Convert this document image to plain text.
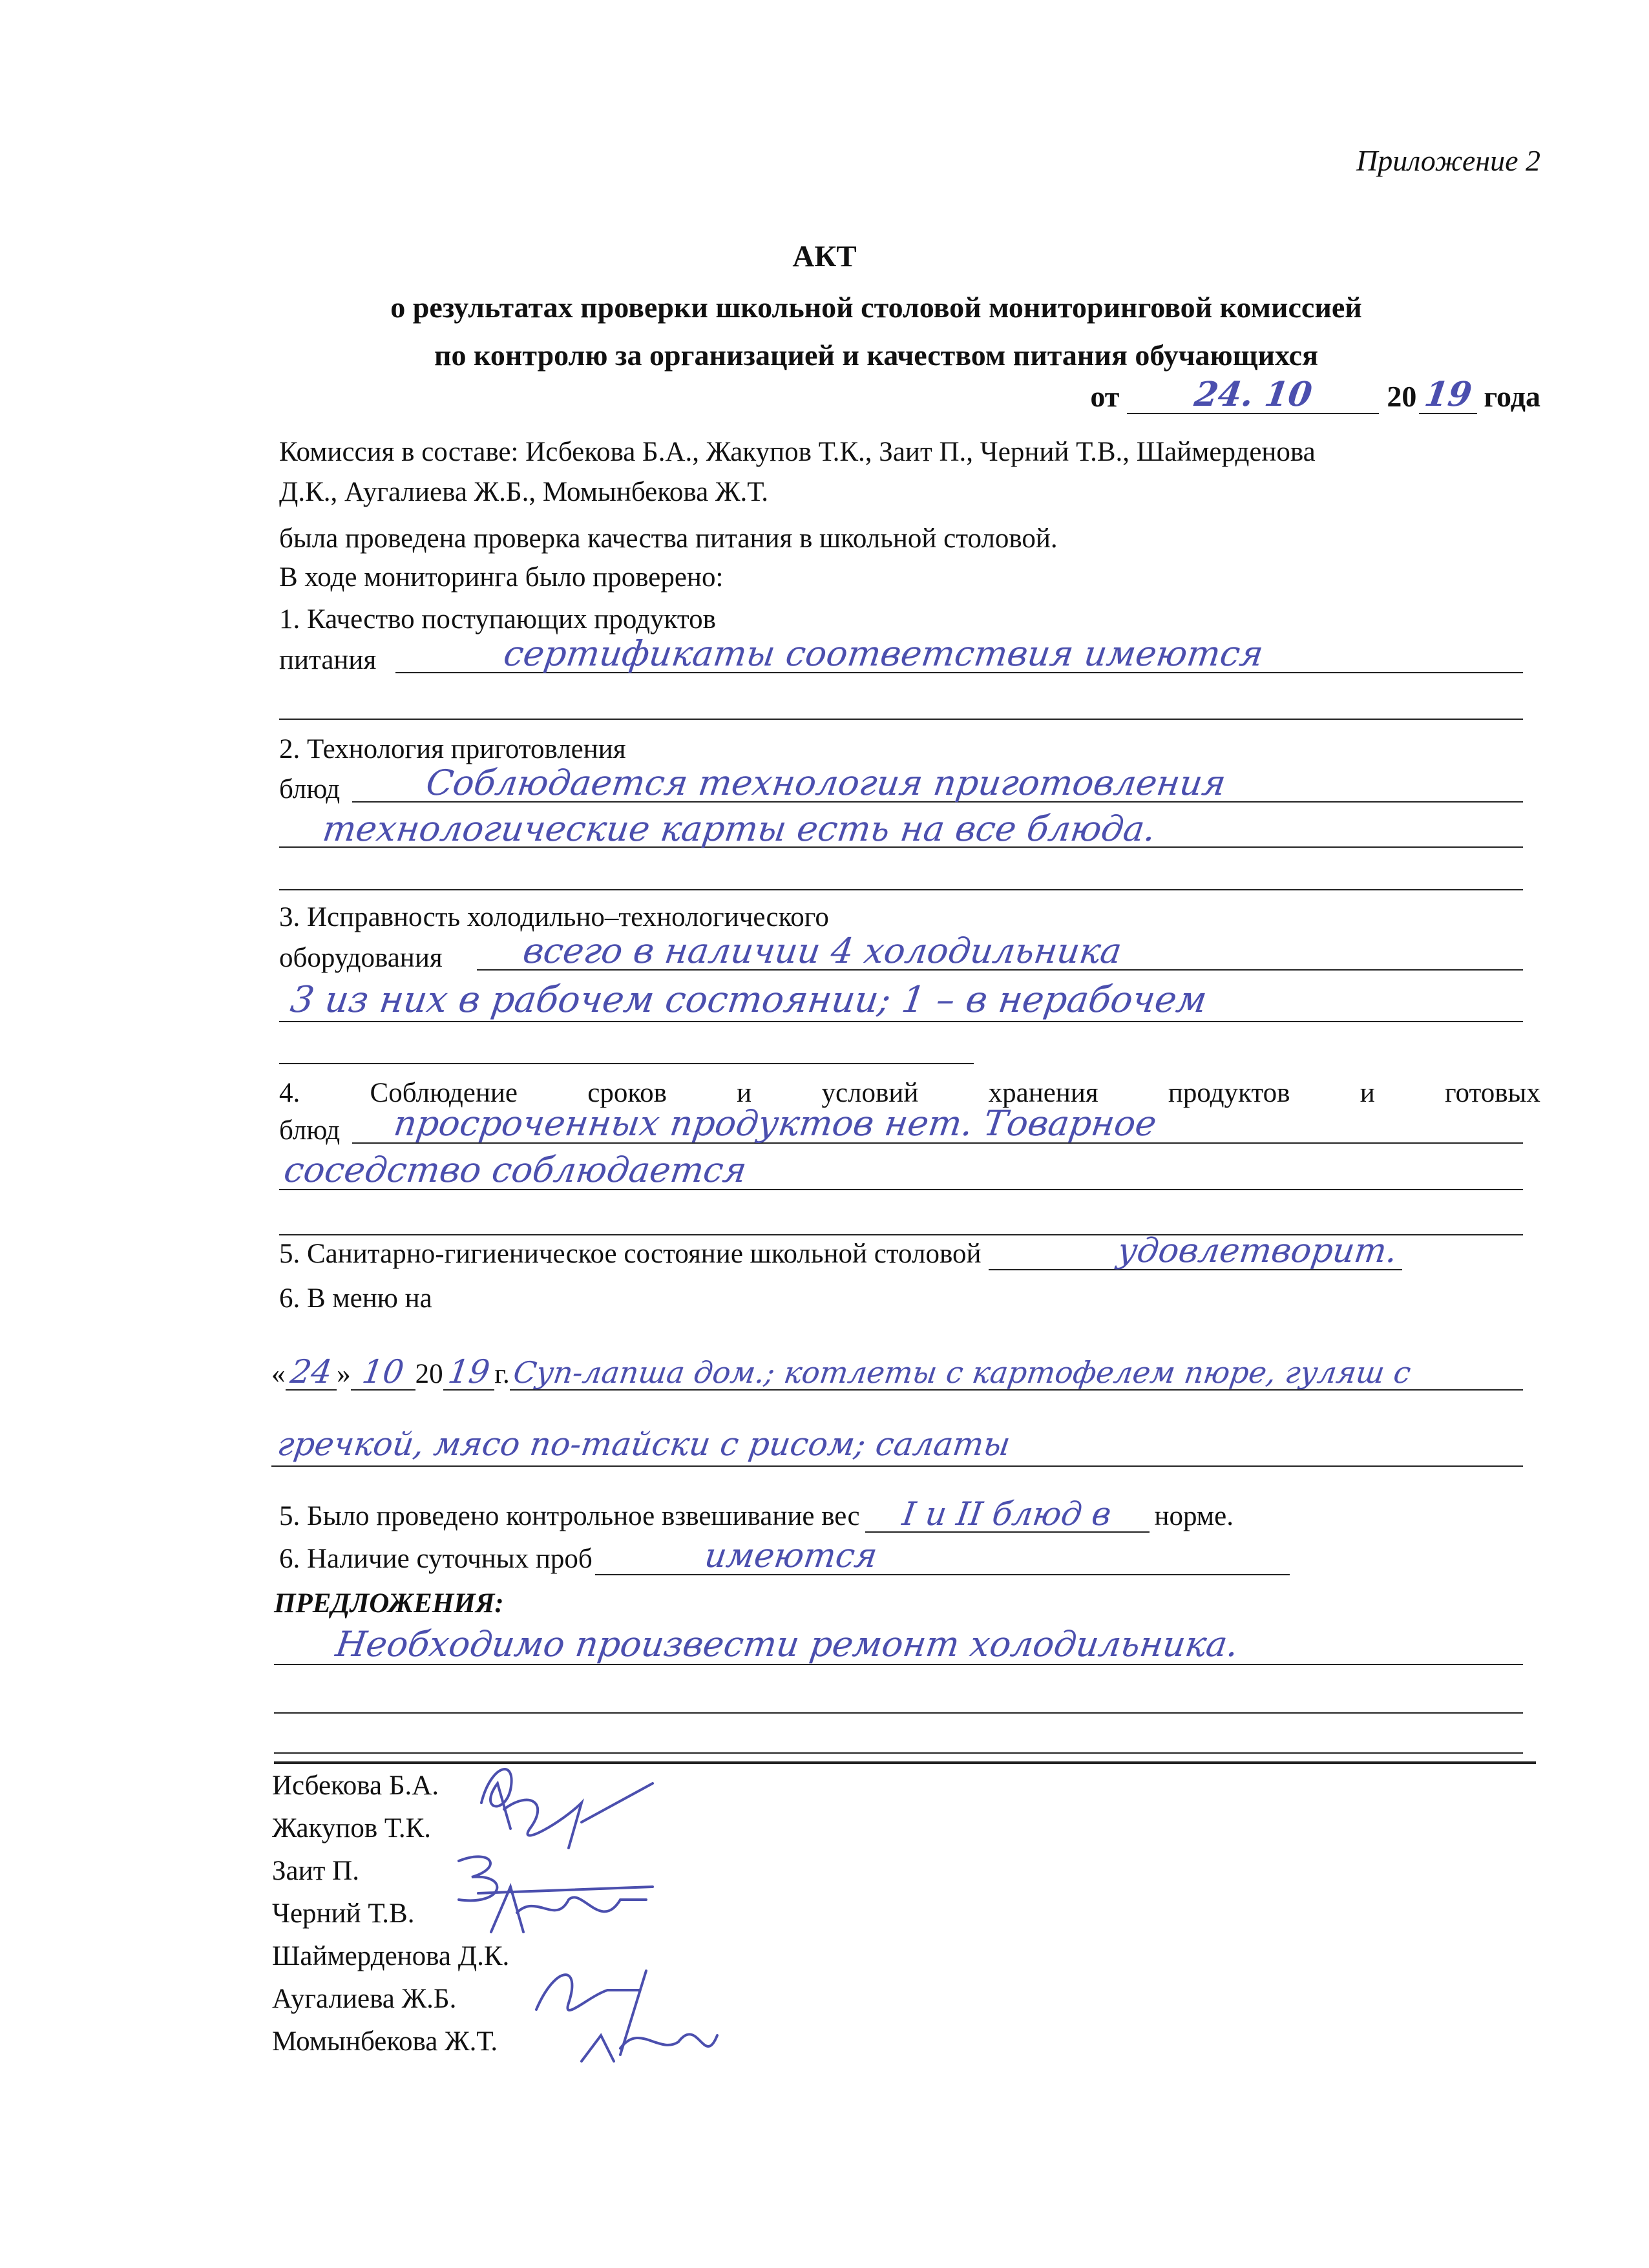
Приложение 2
АКТ
о результатах проверки школьной столовой мониторинговой комиссией
по контролю за организацией и качеством питания обучающихся
от	24. 10	20 19 года
Комиссия в составе: Исбекова Б.А., Жакупов Т.К., Заит П., Черний Т.В., Шаймерденова
Д.К., Аугалиева Ж.Б., Момынбекова Ж.Т.
была проведена проверка качества питания в школьной столовой.
В ходе мониторинга было проверено:
1. Качество поступающих продуктов
питания	сертификаты соответствия имеются
2. Технология приготовления
блюд Соблюдается технология приготовления
технологические карты есть на все блюда.
3. Исправность холодильно–технологического
оборудования всего в наличии 4 холодильника
3 из них в рабочем состоянии; 1 – в нерабочем
4.	Соблюдение	сроков	и	условий	хранения	продуктов	и	готовых
блюд просроченных продуктов нет. Товарное
соседство соблюдается
5. Санитарно-гигиеническое состояние школьной столовой	удовлетворит.
6. В меню на
« 24 » 10 20 19 г. Суп-лапша дом.; котлеты с картофелем пюре, гуляш с
гречкой, мясо по-тайски с рисом; салаты
5. Было проведено контрольное взвешивание вес	I и II блюд в	норме.
6. Наличие суточных проб	имеются
ПРЕДЛОЖЕНИЯ:
Необходимо произвести ремонт холодильника.
Исбекова Б.А.
Жакупов Т.К.
Заит П.
Черний Т.В.
Шаймерденова Д.К.
Аугалиева Ж.Б.
Момынбекова Ж.Т.
